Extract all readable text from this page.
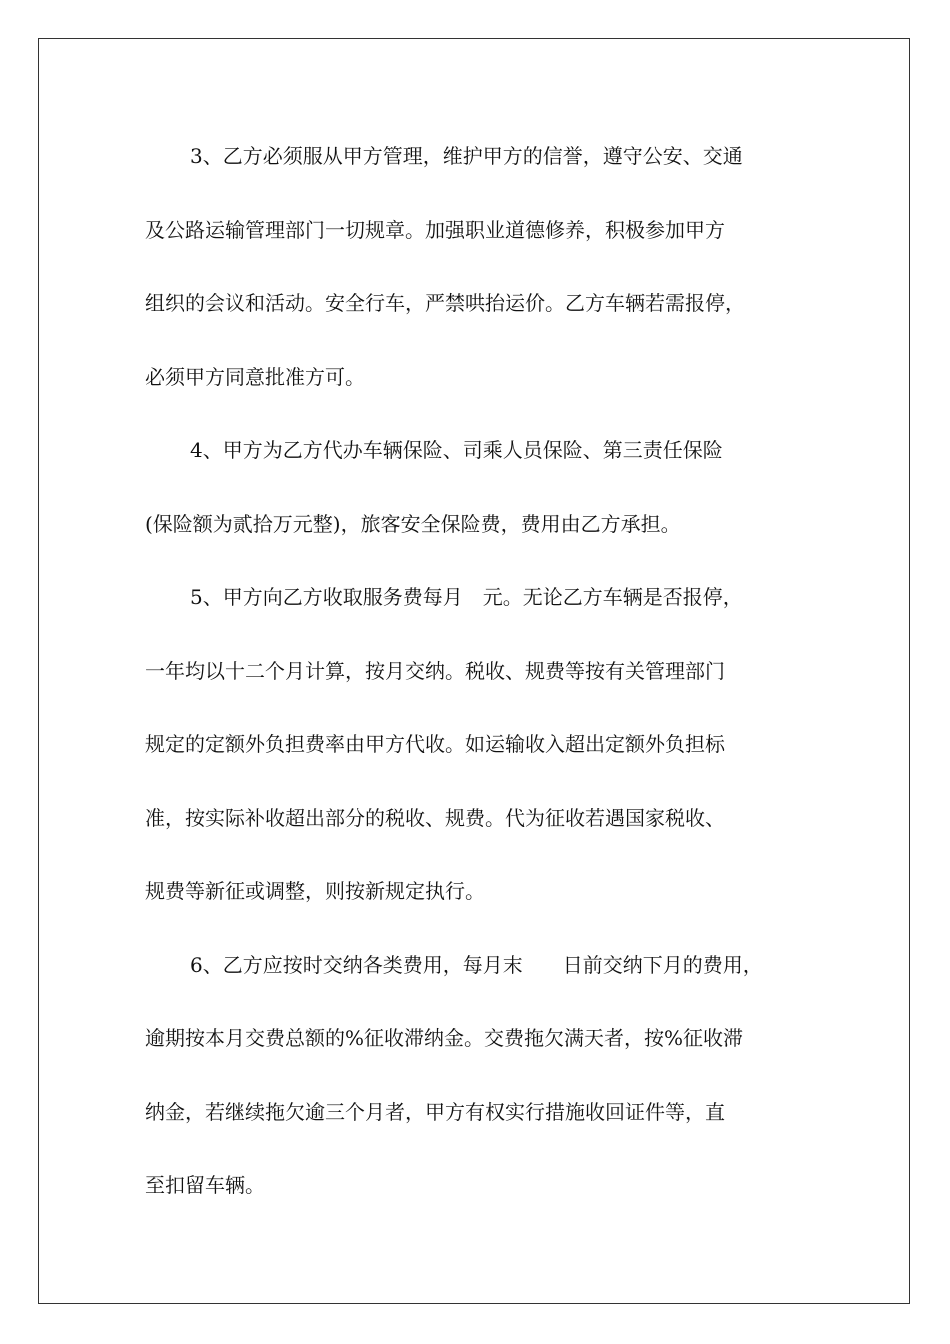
3、乙方必须服从甲方管理，维护甲方的信誉，遵守公安、交通
及公路运输管理部门一切规章。加强职业道德修养，积极参加甲方
组织的会议和活动。安全行车，严禁哄抬运价。乙方车辆若需报停，
必须甲方同意批准方可。
4、甲方为乙方代办车辆保险、司乘人员保险、第三责任保险
(保险额为贰拾万元整)，旅客安全保险费，费用由乙方承担。
5、甲方向乙方收取服务费每月　元。无论乙方车辆是否报停，
一年均以十二个月计算，按月交纳。税收、规费等按有关管理部门
规定的定额外负担费率由甲方代收。如运输收入超出定额外负担标
准，按实际补收超出部分的税收、规费。代为征收若遇国家税收、
规费等新征或调整，则按新规定执行。
6、乙方应按时交纳各类费用，每月末　　日前交纳下月的费用，
逾期按本月交费总额的%征收滞纳金。交费拖欠满天者，按%征收滞
纳金，若继续拖欠逾三个月者，甲方有权实行措施收回证件等，直
至扣留车辆。
